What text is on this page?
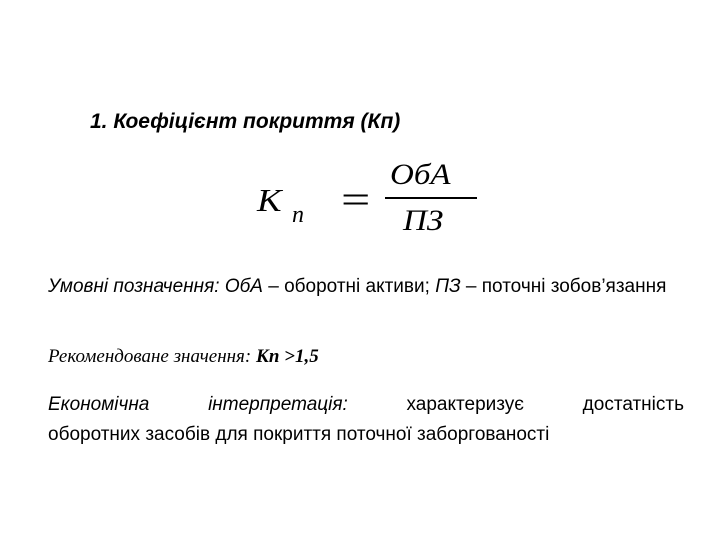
1. Коефіцієнт покриття (Кп)
K п =
ОбА
ПЗ
Умовні позначення: ОбА – оборотні активи; ПЗ – поточні зобов’язання
Рекомендоване значення: Кп >1,5
Економічна	інтерпретація:	характеризує	достатність
оборотних засобів для покриття поточної заборгованості
